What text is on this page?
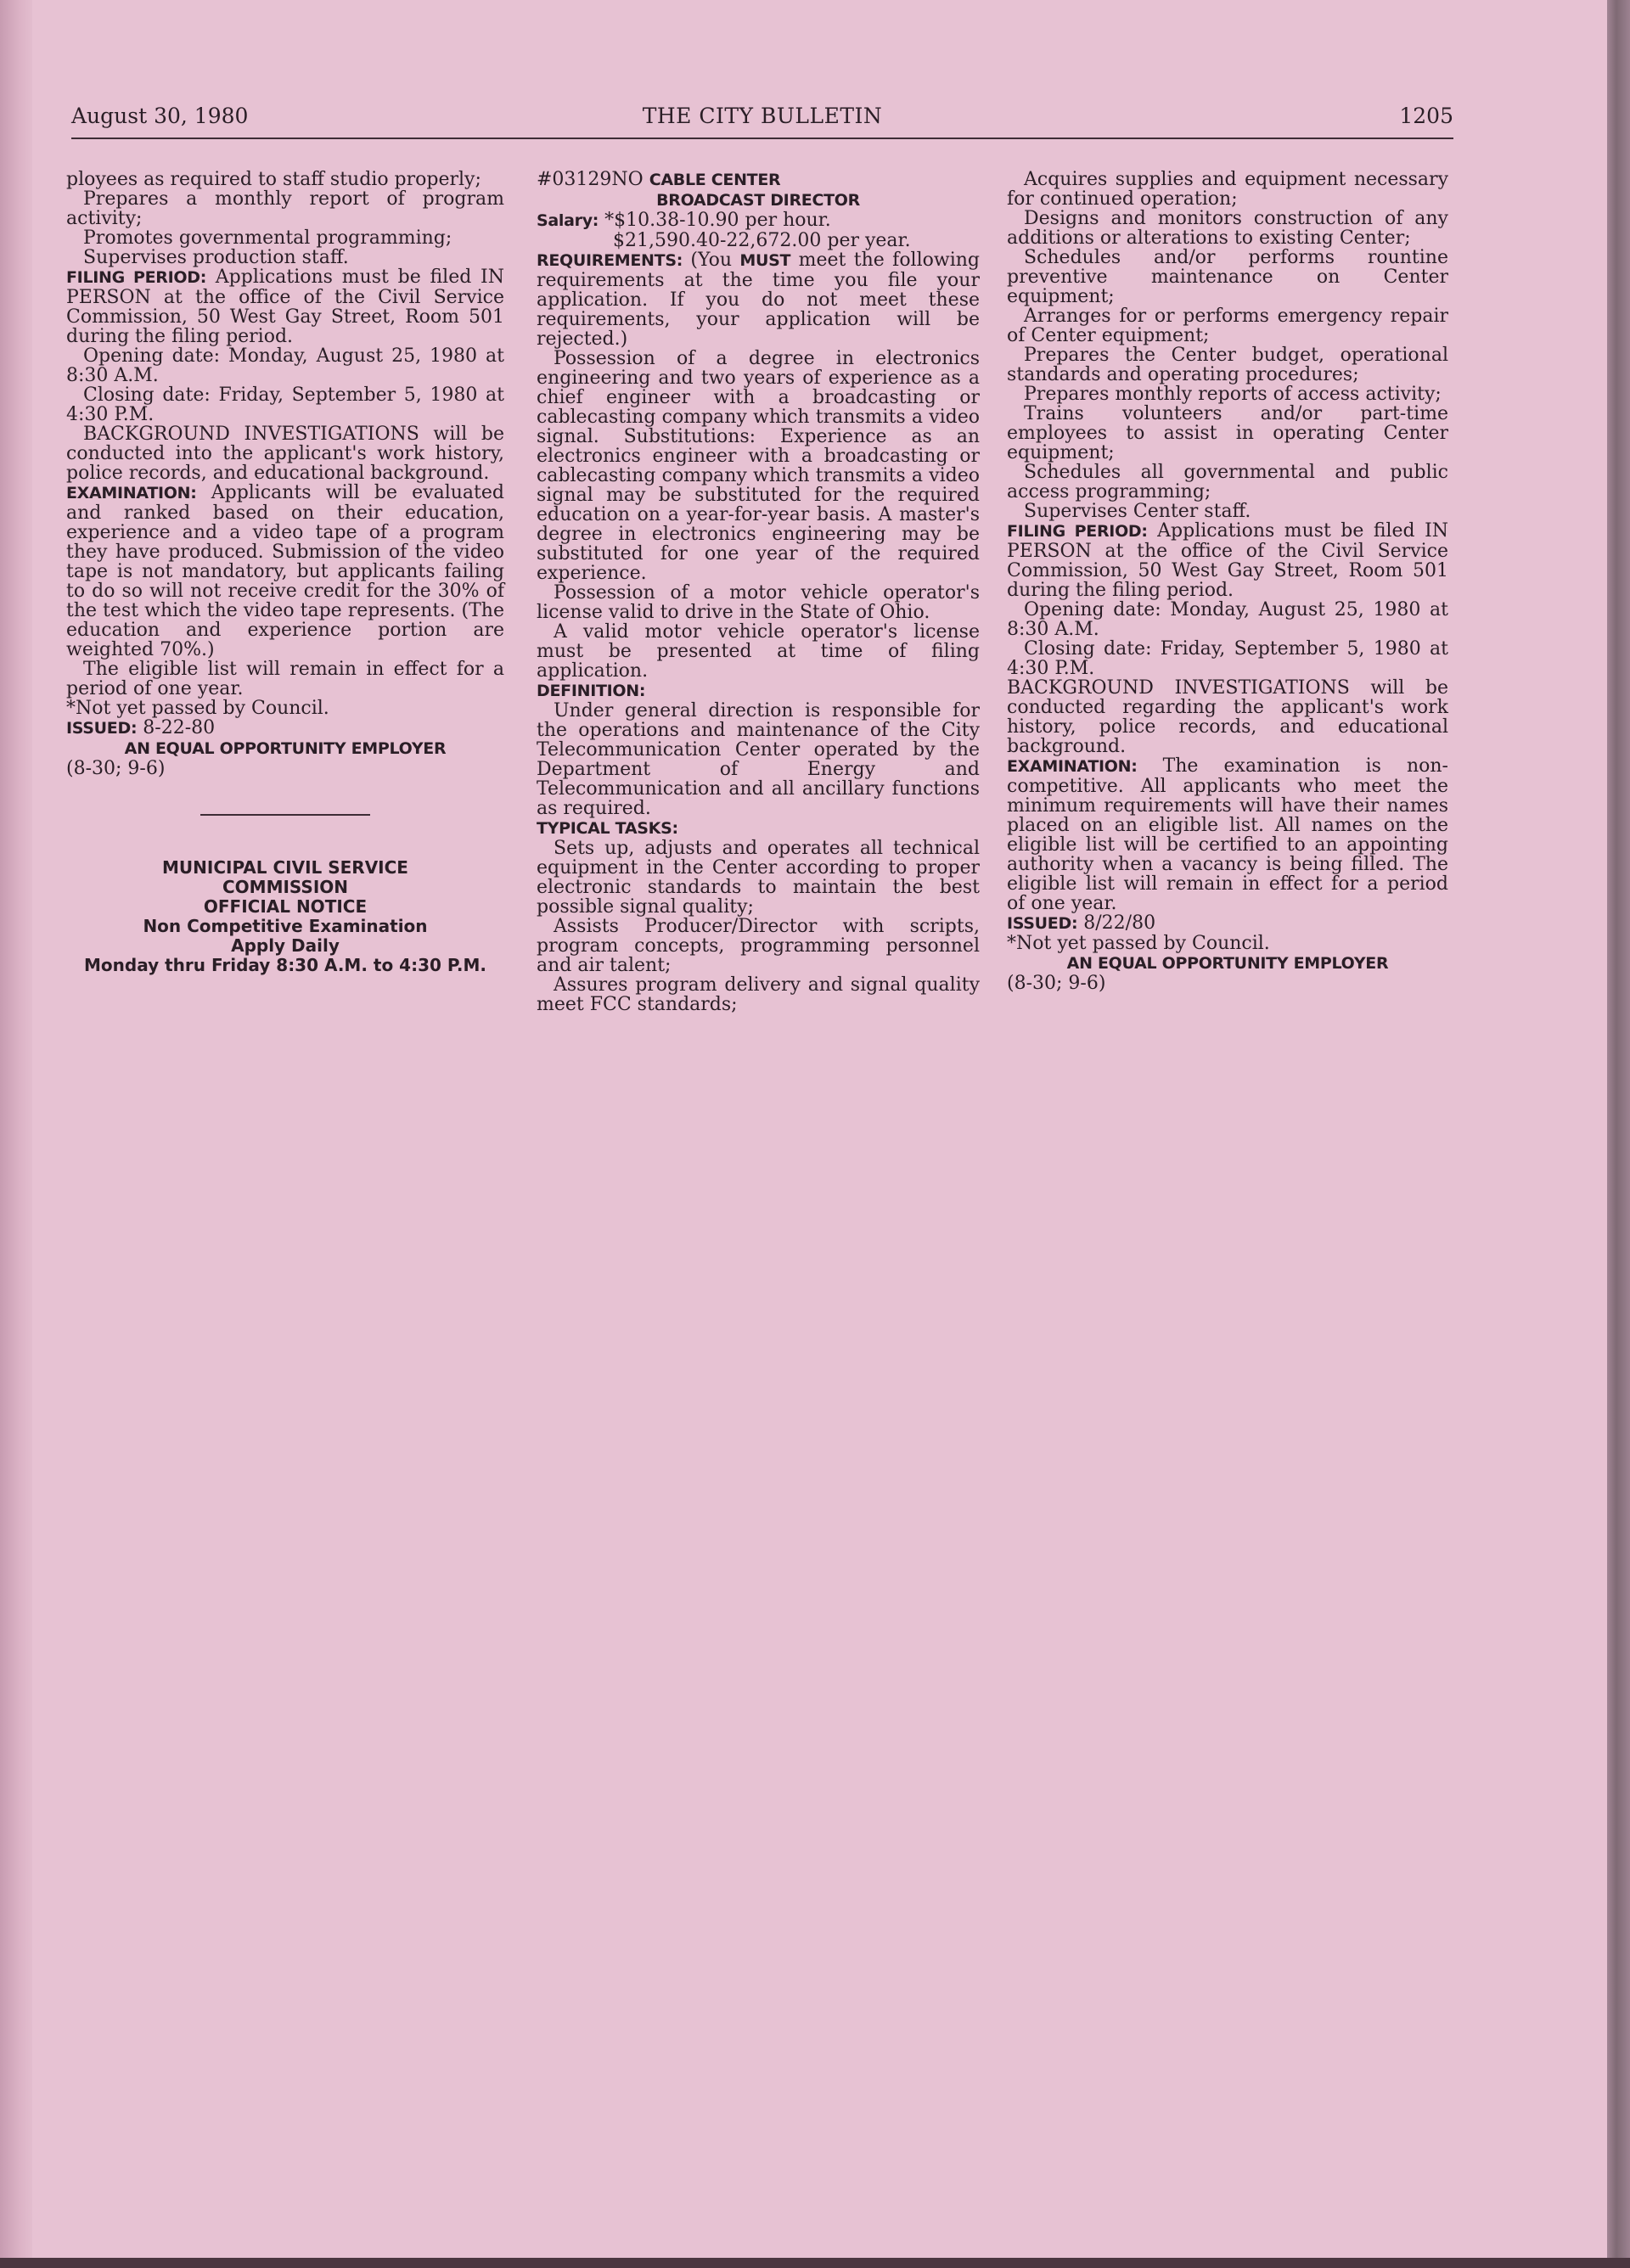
August 30, 1980	THE CITY BULLETIN	1205

ployees as required to staff studio properly;

Prepares a monthly report of program activity;

Promotes governmental programming;

Supervises production staff.

FILING PERIOD: Applications must be filed IN PERSON at the office of the Civil Service Commission, 50 West Gay Street, Room 501 during the filing period.

Opening date: Monday, August 25, 1980 at 8:30 A.M.

Closing date: Friday, September 5, 1980 at 4:30 P.M.

BACKGROUND INVESTIGATIONS will be conducted into the applicant's work history, police records, and educational background.

EXAMINATION: Applicants will be evaluated and ranked based on their education, experience and a video tape of a program they have produced. Submission of the video tape is not mandatory, but applicants failing to do so will not receive credit for the 30% of the test which the video tape represents. (The education and experience portion are weighted 70%.)

The eligible list will remain in effect for a period of one year.

*Not yet passed by Council.

ISSUED: 8-22-80

AN EQUAL OPPORTUNITY EMPLOYER

(8-30; 9-6)

MUNICIPAL CIVIL SERVICE

COMMISSION

OFFICIAL NOTICE

Non Competitive Examination

Apply Daily

Monday thru Friday 8:30 A.M. to 4:30 P.M.

#03129NO CABLE CENTER

BROADCAST DIRECTOR

Salary: *$10.38-10.90 per hour.

$21,590.40-22,672.00 per year.

REQUIREMENTS: (You MUST meet the following requirements at the time you file your application. If you do not meet these requirements, your application will be rejected.)

Possession of a degree in electronics engineering and two years of experience as a chief engineer with a broadcasting or cablecasting company which transmits a video signal. Substitutions: Experience as an electronics engineer with a broadcasting or cablecasting company which transmits a video signal may be substituted for the required education on a year-for-year basis. A master's degree in electronics engineering may be substituted for one year of the required experience.

Possession of a motor vehicle operator's license valid to drive in the State of Ohio.

A valid motor vehicle operator's license must be presented at time of filing application.

DEFINITION:

Under general direction is responsible for the operations and maintenance of the City Telecommunication Center operated by the Department of Energy and Telecommunication and all ancillary functions as required.

TYPICAL TASKS:

Sets up, adjusts and operates all technical equipment in the Center according to proper electronic standards to maintain the best possible signal quality;

Assists Producer/Director with scripts, program concepts, programming personnel and air talent;

Assures program delivery and signal quality meet FCC standards;

Acquires supplies and equipment necessary for continued operation;

Designs and monitors construction of any additions or alterations to existing Center;

Schedules and/or performs rountine preventive maintenance on Center equipment;

Arranges for or performs emergency repair of Center equipment;

Prepares the Center budget, operational standards and operating procedures;

Prepares monthly reports of access activity;

Trains volunteers and/or part-time employees to assist in operating Center equipment;

Schedules all governmental and public access programming;

Supervises Center staff.

FILING PERIOD: Applications must be filed IN PERSON at the office of the Civil Service Commission, 50 West Gay Street, Room 501 during the filing period.

Opening date: Monday, August 25, 1980 at 8:30 A.M.

Closing date: Friday, September 5, 1980 at 4:30 P.M.

BACKGROUND INVESTIGATIONS will be conducted regarding the applicant's work history, police records, and educational background.

EXAMINATION: The examination is non-competitive. All applicants who meet the minimum requirements will have their names placed on an eligible list. All names on the eligible list will be certified to an appointing authority when a vacancy is being filled. The eligible list will remain in effect for a period of one year.

ISSUED: 8/22/80

*Not yet passed by Council.

AN EQUAL OPPORTUNITY EMPLOYER

(8-30; 9-6)
